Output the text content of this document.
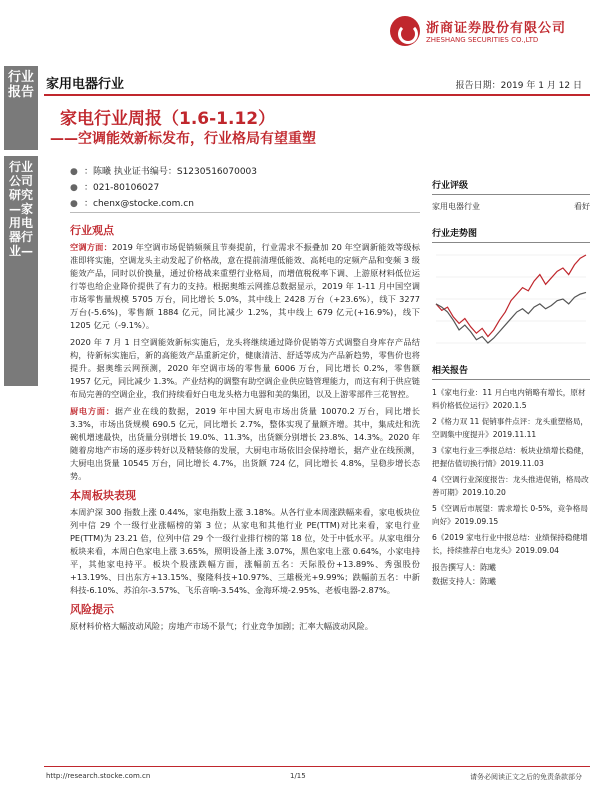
浙商证券股份有限公司
ZHESHANG SECURITIES CO.,LTD
行业报告
行业公司研究—家用电器行业—
家用电器行业	报告日期：2019 年 1 月 12 日
家电行业周报（1.6-1.12）
——空调能效新标发布，行业格局有望重塑
● ：陈曦 执业证书编号：S1230516070003
● ：021-80106027
● ：chenx@stocke.com.cn
行业观点

空调方面：2019 年空调市场促销频频且节奏提前，行业需求不振叠加 20 年空调新能效等级标准即将实施，空调龙头主动发起了价格战，意在提前清理低能效、高耗电的定频产品和变频 3 级能效产品，同时以价换量，通过价格战来重塑行业格局，而增值税税率下调、上游原材料低位运行等也给企业降价提供了有力的支持。根据奥维云网推总数据显示，2019 年 1-11 月中国空调市场零售量规模 5705 万台，同比增长 5.0%，其中线上 2428 万台（+23.6%），线下 3277 万台(-5.6%)，零售额 1884 亿元，同比减少 1.2%，其中线上 679 亿元(+16.9%)，线下 1205 亿元（-9.1%）。

2020 年 7 月 1 日空调能效新标实施后，龙头将继续通过降价促销等方式调整自身库存产品结构，待新标实施后，新的高能效产品重新定价，健康清洁、舒适等成为产品新趋势，零售价也将提升。据奥维云网预测，2020 年空调市场的零售量 6006 万台，同比增长 0.2%，零售额 1957 亿元，同比减少 1.3%。产业结构的调整有助空调企业供应链管理能力，而这有利于供应链布局完善的空调企业，我们持续看好白电龙头格力电器和美的集团，以及上游零部件三花智控。

厨电方面：据产业在线的数据，2019 年中国大厨电市场出货量 10070.2 万台，同比增长 3.3%，市场出货规模 690.5 亿元，同比增长 2.7%，整体实现了量额齐增。其中，集成灶和洗碗机增速最快，出货量分别增长 19.0%、11.3%，出货额分别增长 23.8%、14.3%。2020 年随着房地产市场的逐步转好以及精装修的发展，大厨电市场依旧会保持增长，据产业在线预测，大厨电出货量 10545 万台，同比增长 4.7%，出货额 724 亿，同比增长 4.8%，呈稳步增长态势。

本周板块表现

本周沪深 300 指数上涨 0.44%，家电指数上涨 3.18%。从各行业本周涨跌幅来看，家电板块位列中信 29 个一级行业涨幅榜的第 3 位；从家电和其他行业 PE(TTM)对比来看，家电行业 PE(TTM)为 23.21 倍，位列中信 29 个一级行业排行榜的第 18 位，处于中低水平。从家电细分板块来看，本周白色家电上涨 3.65%，照明设备上涨 3.07%，黑色家电上涨 0.64%，小家电持平，其他家电持平。板块个股涨跌幅方面，涨幅前五名：天际股份+13.89%、秀强股份+13.19%、日出东方+13.15%、聚隆科技+10.97%、三雄极光+9.99%；跌幅前五名：中新科技-6.10%、苏泊尔-3.57%、飞乐音响-3.54%、金海环境-2.95%、老板电器-2.87%。

风险提示

原材料价格大幅波动风险；房地产市场不景气；行业竞争加剧；汇率大幅波动风险。

行业评级
家用电器行业	看好
行业走势图
相关报告

1《家电行业：11 月白电内销略有增长，原材料价格低位运行》2020.1.5

2《格力双 11 促销事件点评：龙头重塑格局，空调集中度提升》2019.11.11

3《家电行业三季报总结：板块业绩增长稳健，把握估值切换行情》2019.11.03

4《空调行业深度报告：龙头推进促销，格局改善可期》2019.10.20

5《空调后市展望：需求增长 0-5%，竞争格局向好》2019.09.15

6《2019 家电行业中报总结：业绩保持稳健增长，持续推荐白电龙头》2019.09.04

报告撰写人：陈曦
数据支持人：陈曦
http://research.stocke.com.cn	1/15	请务必阅读正文之后的免责条款部分
